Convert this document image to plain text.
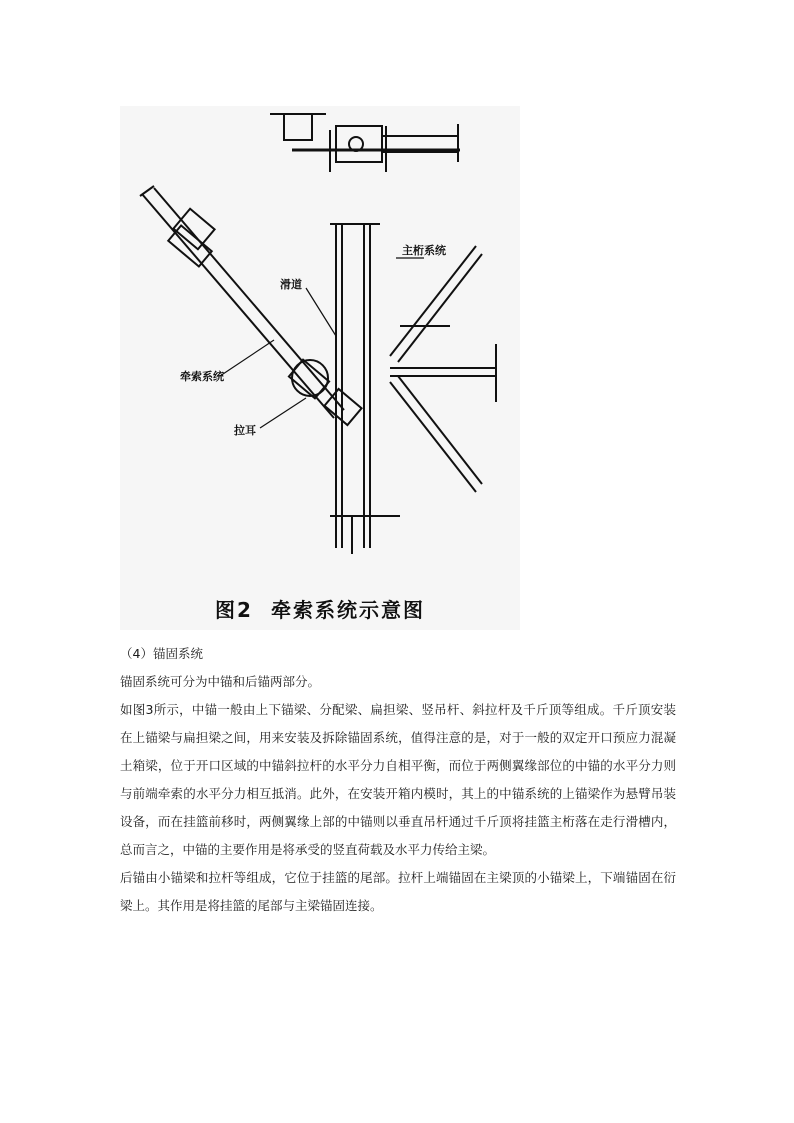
主桁系统
滑道
牵索系统
拉耳
图2 牵索系统示意图

（4）锚固系统

锚固系统可分为中锚和后锚两部分。

如图3所示，中锚一般由上下锚梁、分配梁、扁担梁、竖吊杆、斜拉杆及千斤顶等组成。千斤顶安装在上锚梁与扁担梁之间，用来安装及拆除锚固系统，值得注意的是，对于一般的双定开口预应力混凝土箱梁，位于开口区域的中锚斜拉杆的水平分力自相平衡，而位于两侧翼缘部位的中锚的水平分力则与前端牵索的水平分力相互抵消。此外，在安装开箱内模时，其上的中锚系统的上锚梁作为悬臂吊装设备，而在挂篮前移时，两侧翼缘上部的中锚则以垂直吊杆通过千斤顶将挂篮主桁落在走行滑槽内，总而言之，中锚的主要作用是将承受的竖直荷载及水平力传给主梁。

后锚由小锚梁和拉杆等组成，它位于挂篮的尾部。拉杆上端锚固在主梁顶的小锚梁上，下端锚固在衍梁上。其作用是将挂篮的尾部与主梁锚固连接。
